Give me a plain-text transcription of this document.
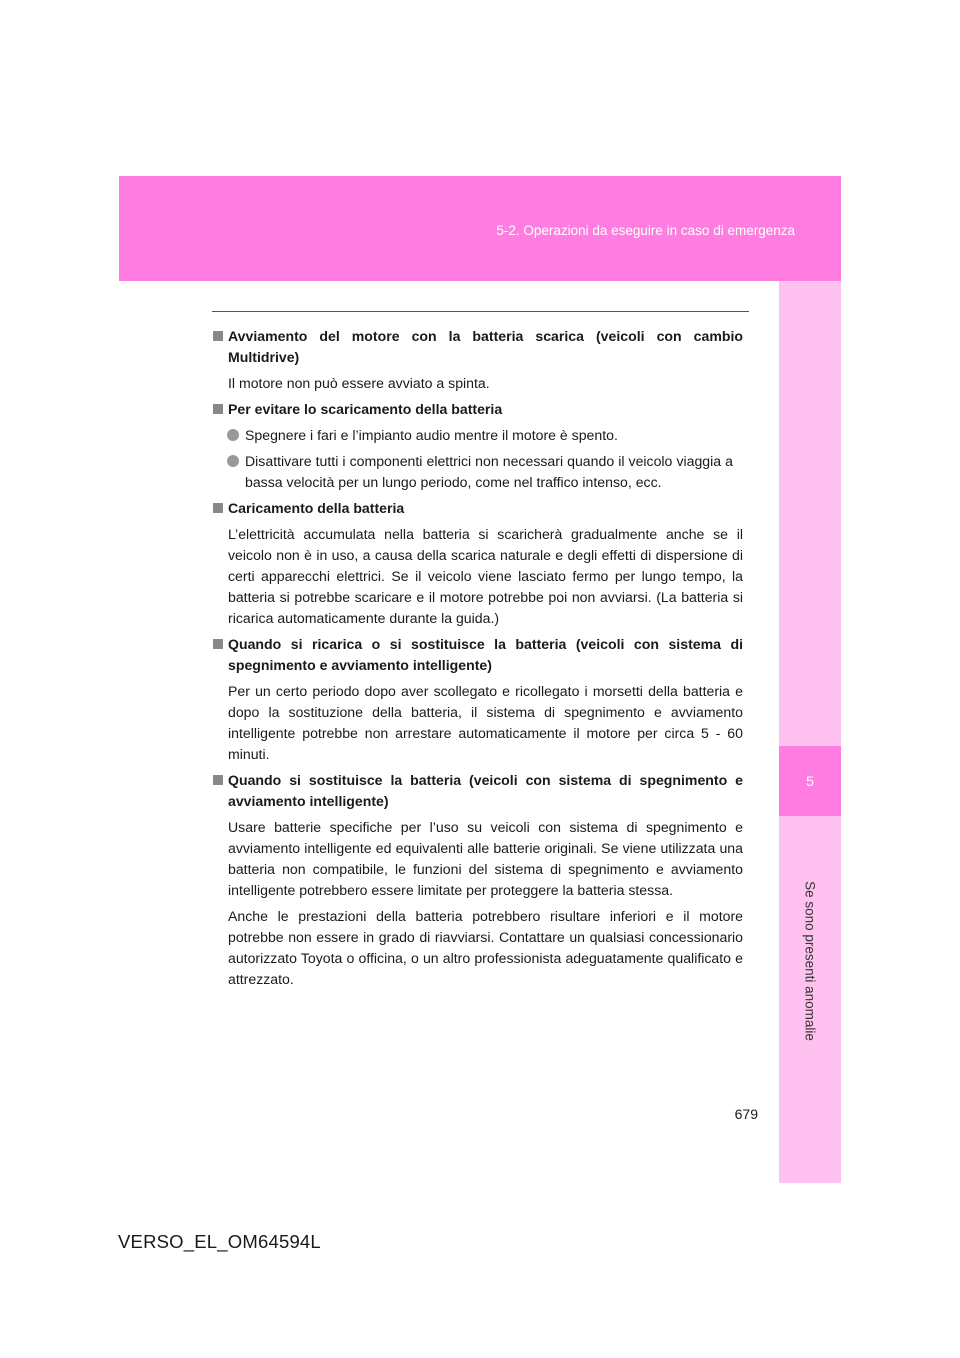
5-2. Operazioni da eseguire in caso di emergenza
5
Se sono presenti anomalie
Avviamento del motore con la batteria scarica (veicoli con cambio Multidrive)
Il motore non può essere avviato a spinta.
Per evitare lo scaricamento della batteria
Spegnere i fari e l’impianto audio mentre il motore è spento.
Disattivare tutti i componenti elettrici non necessari quando il veicolo viaggia a bassa velocità per un lungo periodo, come nel traffico intenso, ecc.
Caricamento della batteria
L’elettricità accumulata nella batteria si scaricherà gradualmente anche se il veicolo non è in uso, a causa della scarica naturale e degli effetti di dispersione di certi apparecchi elettrici. Se il veicolo viene lasciato fermo per lungo tempo, la batteria si potrebbe scaricare e il motore potrebbe poi non avviarsi. (La batteria si ricarica automaticamente durante la guida.)
Quando si ricarica o si sostituisce la batteria (veicoli con sistema di spegnimento e avviamento intelligente)
Per un certo periodo dopo aver scollegato e ricollegato i morsetti della batteria e dopo la sostituzione della batteria, il sistema di spegnimento e avviamento intelligente potrebbe non arrestare automaticamente il motore per circa 5 - 60 minuti.
Quando si sostituisce la batteria (veicoli con sistema di spegnimento e avviamento intelligente)
Usare batterie specifiche per l’uso su veicoli con sistema di spegnimento e avviamento intelligente ed equivalenti alle batterie originali. Se viene utilizzata una batteria non compatibile, le funzioni del sistema di spegnimento e avviamento intelligente potrebbero essere limitate per proteggere la batteria stessa.
Anche le prestazioni della batteria potrebbero risultare inferiori e il motore potrebbe non essere in grado di riavviarsi. Contattare un qualsiasi concessionario autorizzato Toyota o officina, o un altro professionista adeguatamente qualificato e attrezzato.
679
VERSO_EL_OM64594L
